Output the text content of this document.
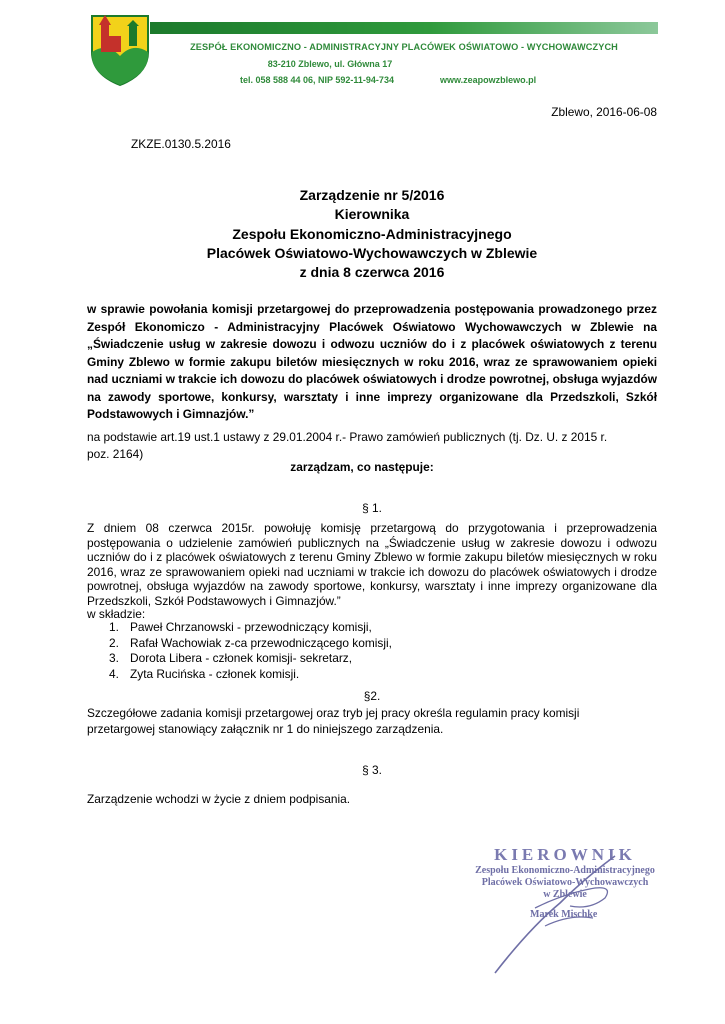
ZESPÓŁ EKONOMICZNO - ADMINISTRACYJNY PLACÓWEK OŚWIATOWO - WYCHOWAWCZYCH
83-210 Zblewo, ul. Główna 17
tel. 058 588 44 06, NIP 592-11-94-734	www.zeapowzblewo.pl
Zblewo, 2016-06-08
ZKZE.0130.5.2016
Zarządzenie nr 5/2016
Kierownika
Zespołu Ekonomiczno-Administracyjnego
Placówek Oświatowo-Wychowawczych w Zblewie
z dnia 8 czerwca 2016
w sprawie powołania komisji przetargowej do przeprowadzenia postępowania prowadzonego przez Zespół Ekonomiczo - Administracyjny Placówek Oświatowo Wychowawczych w Zblewie na „Świadczenie usług w zakresie dowozu i odwozu uczniów do i z placówek oświatowych z terenu Gminy Zblewo w formie zakupu biletów miesięcznych w roku 2016, wraz ze sprawowaniem opieki nad uczniami w trakcie ich dowozu do placówek oświatowych i drodze powrotnej, obsługa wyjazdów na zawody sportowe, konkursy, warsztaty i inne imprezy organizowane dla Przedszkoli, Szkół Podstawowych i Gimnazjów.”
na podstawie art.19 ust.1 ustawy z 29.01.2004 r.- Prawo zamówień publicznych (tj. Dz. U. z 2015 r. poz. 2164)
zarządzam, co następuje:
§ 1.
Z dniem 08 czerwca 2015r. powołuję komisję przetargową do przygotowania i przeprowadzenia postępowania o udzielenie zamówień publicznych na „Świadczenie usług w zakresie dowozu i odwozu uczniów do i z placówek oświatowych z terenu Gminy Zblewo w formie zakupu biletów miesięcznych w roku 2016, wraz ze sprawowaniem opieki nad uczniami w trakcie ich dowozu do placówek oświatowych i drodze powrotnej, obsługa wyjazdów na zawody sportowe, konkursy, warsztaty i inne imprezy organizowane dla Przedszkoli, Szkół Podstawowych i Gimnazjów.”
w składzie:
1. Paweł Chrzanowski - przewodniczący komisji,
2. Rafał Wachowiak z-ca przewodniczącego komisji,
3. Dorota Libera - członek komisji- sekretarz,
4. Zyta Rucińska - członek komisji.
§2.
Szczegółowe zadania komisji przetargowej oraz tryb jej pracy określa regulamin pracy komisji przetargowej stanowiący załącznik nr 1 do niniejszego zarządzenia.
§ 3.
Zarządzenie wchodzi w życie z dniem podpisania.
KIEROWNIK
Zespołu Ekonomiczno-Administracyjnego
Placówek Oświatowo-Wychowawczych
w Zblewie
Marek Mischke
